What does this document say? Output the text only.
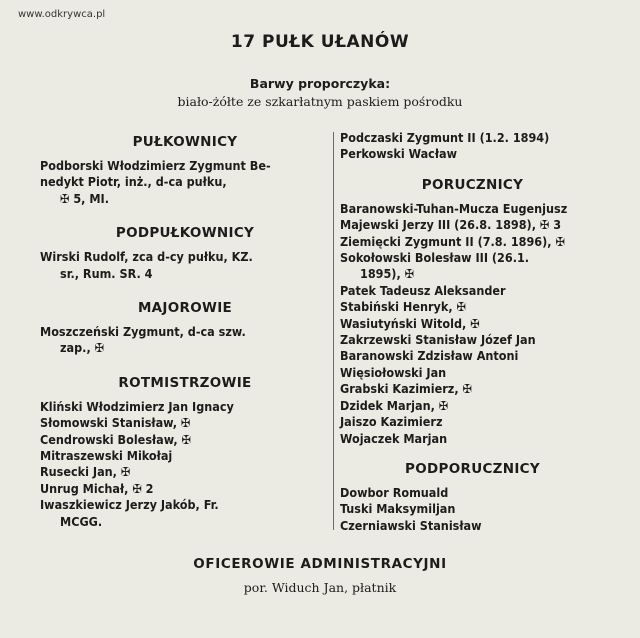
www.odkrywca.pl
17 PUŁK UŁANÓW
Barwy proporczyka:
biało-żółte ze szkarłatnym paskiem pośrodku
PUŁKOWNICY
Podborski Włodzimierz Zygmunt Be-
nedykt Piotr, inż., d-ca pułku,
✠ 5, MI.
PODPUŁKOWNICY
Wirski Rudolf, zca d-cy pułku, KZ.
sr., Rum. SR. 4
MAJOROWIE
Moszczeński Zygmunt, d-ca szw.
zap., ✠
ROTMISTRZOWIE
Kliński Włodzimierz Jan Ignacy
Słomowski Stanisław, ✠
Cendrowski Bolesław, ✠
Mitraszewski Mikołaj
Rusecki Jan, ✠
Unrug Michał, ✠ 2
Iwaszkiewicz Jerzy Jakób, Fr.
MCGG.
Podczaski Zygmunt II (1.2. 1894)
Perkowski Wacław
PORUCZNICY
Baranowski-Tuhan-Mucza Eugenjusz
Majewski Jerzy III (26.8. 1898), ✠ 3
Ziemięcki Zygmunt II (7.8. 1896), ✠
Sokołowski Bolesław III (26.1.
1895), ✠
Patek Tadeusz Aleksander
Stabiński Henryk, ✠
Wasiutyński Witold, ✠
Zakrzewski Stanisław Józef Jan
Baranowski Zdzisław Antoni
Więsiołowski Jan
Grabski Kazimierz, ✠
Dzidek Marjan, ✠
Jaiszo Kazimierz
Wojaczek Marjan
PODPORUCZNICY
Dowbor Romuald
Tuski Maksymiljan
Czerniawski Stanisław
OFICEROWIE ADMINISTRACYJNI
por. Widuch Jan, płatnik
